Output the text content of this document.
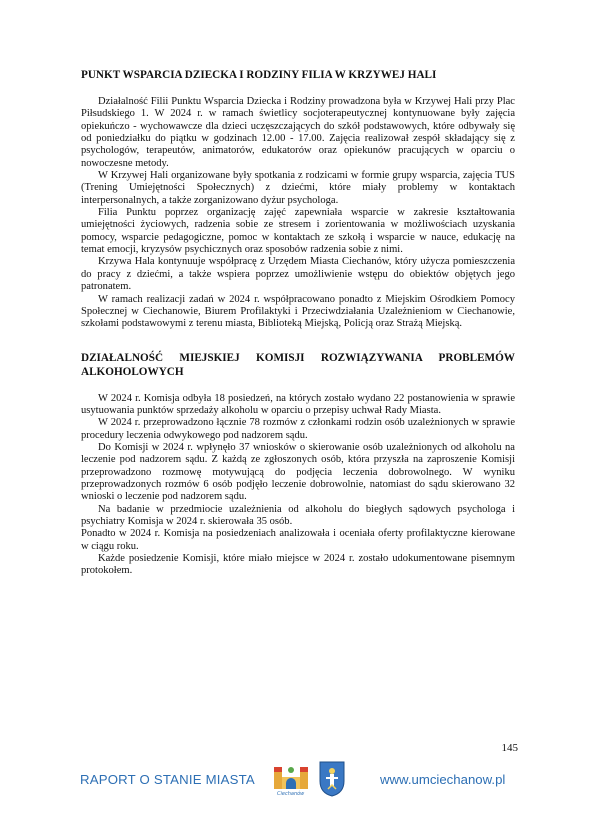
PUNKT WSPARCIA DZIECKA I RODZINY FILIA W KRZYWEJ HALI

Działalność Filii Punktu Wsparcia Dziecka i Rodziny prowadzona była w Krzywej Hali przy Plac Piłsudskiego 1. W 2024 r. w ramach świetlicy socjoterapeutycznej kontynuowane były zajęcia opiekuńczo - wychowawcze dla dzieci uczęszczających do szkół podstawowych, które odbywały się od poniedziałku do piątku w godzinach 12.00 - 17.00. Zajęcia realizował zespół składający się z psychologów, terapeutów, animatorów, edukatorów oraz opiekunów pracujących w oparciu o nowoczesne metody.

W Krzywej Hali organizowane były spotkania z rodzicami w formie grupy wsparcia, zajęcia TUS (Trening Umiejętności Społecznych) z dziećmi, które miały problemy w kontaktach interpersonalnych, a także zorganizowano dyżur psychologa.

Filia Punktu poprzez organizację zajęć zapewniała wsparcie w zakresie kształtowania umiejętności życiowych, radzenia sobie ze stresem i zorientowania w możliwościach uzyskania pomocy, wsparcie pedagogiczne, pomoc w kontaktach ze szkołą i wsparcie w nauce, edukację na temat emocji, kryzysów psychicznych oraz sposobów radzenia sobie z nimi.

Krzywa Hala kontynuuje współpracę z Urzędem Miasta Ciechanów, który użycza pomieszczenia do pracy z dziećmi, a także wspiera poprzez umożliwienie wstępu do obiektów objętych jego patronatem.

W ramach realizacji zadań w 2024 r. współpracowano ponadto z Miejskim Ośrodkiem Pomocy Społecznej w Ciechanowie, Biurem Profilaktyki i Przeciwdziałania Uzależnieniom w Ciechanowie, szkołami podstawowymi z terenu miasta, Biblioteką Miejską, Policją oraz Strażą Miejską.

DZIAŁALNOŚĆ MIEJSKIEJ KOMISJI ROZWIĄZYWANIA PROBLEMÓW ALKOHOLOWYCH

W 2024 r. Komisja odbyła 18 posiedzeń, na których zostało wydano 22 postanowienia w sprawie usytuowania punktów sprzedaży alkoholu w oparciu o przepisy uchwał Rady Miasta.

W 2024 r. przeprowadzono łącznie 78 rozmów z członkami rodzin osób uzależnionych w sprawie procedury leczenia odwykowego pod nadzorem sądu.

Do Komisji w 2024 r. wpłynęło 37 wniosków o skierowanie osób uzależnionych od alkoholu na leczenie pod nadzorem sądu. Z każdą ze zgłoszonych osób, która przyszła na zaproszenie Komisji przeprowadzono rozmowę motywującą do podjęcia leczenia dobrowolnego. W wyniku przeprowadzonych rozmów 6 osób podjęło leczenie dobrowolnie, natomiast do sądu skierowano 32 wnioski o leczenie pod nadzorem sądu.

Na badanie w przedmiocie uzależnienia od alkoholu do biegłych sądowych psychologa i psychiatry Komisja w 2024 r. skierowała 35 osób.

Ponadto w 2024 r. Komisja na posiedzeniach analizowała i oceniała oferty profilaktyczne kierowane w ciągu roku.

Każde posiedzenie Komisji, które miało miejsce w 2024 r. zostało udokumentowane pisemnym protokołem.

145
RAPORT O STANIE MIASTA
Ciechanów
www.umciechanow.pl
